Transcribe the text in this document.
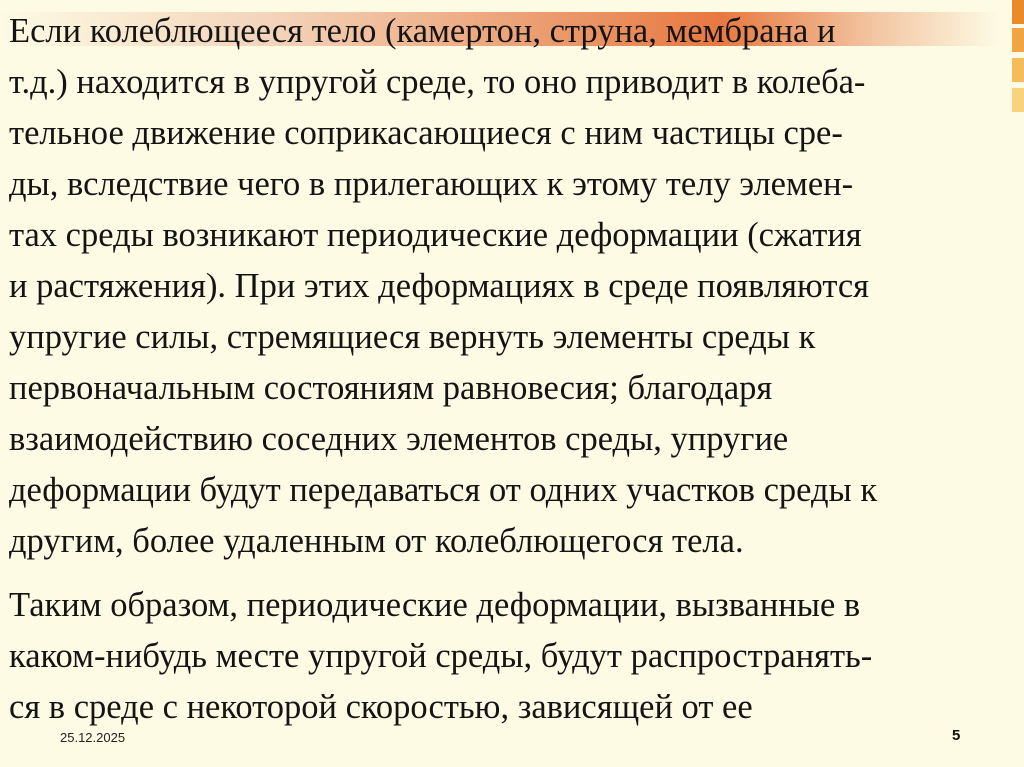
Если колеблющееся тело (камертон, струна, мембрана и
т.д.) находится в упругой среде, то оно приводит в колеба-
тельное движение соприкасающиеся с ним частицы сре-
ды, вследствие чего в прилегающих к этому телу элемен-
тах среды возникают периодические деформации (сжатия
и растяжения). При этих деформациях в среде появляются
упругие силы, стремящиеся вернуть элементы среды к
первоначальным состояниям равновесия; благодаря
взаимодействию соседних элементов среды, упругие
деформации будут передаваться от одних участков среды к
другим, более удаленным от колеблющегося тела.
Таким образом, периодические деформации, вызванные в
каком-нибудь месте упругой среды, будут распространять-
ся в среде с некоторой скоростью, зависящей от ее
25.12.2025	5
